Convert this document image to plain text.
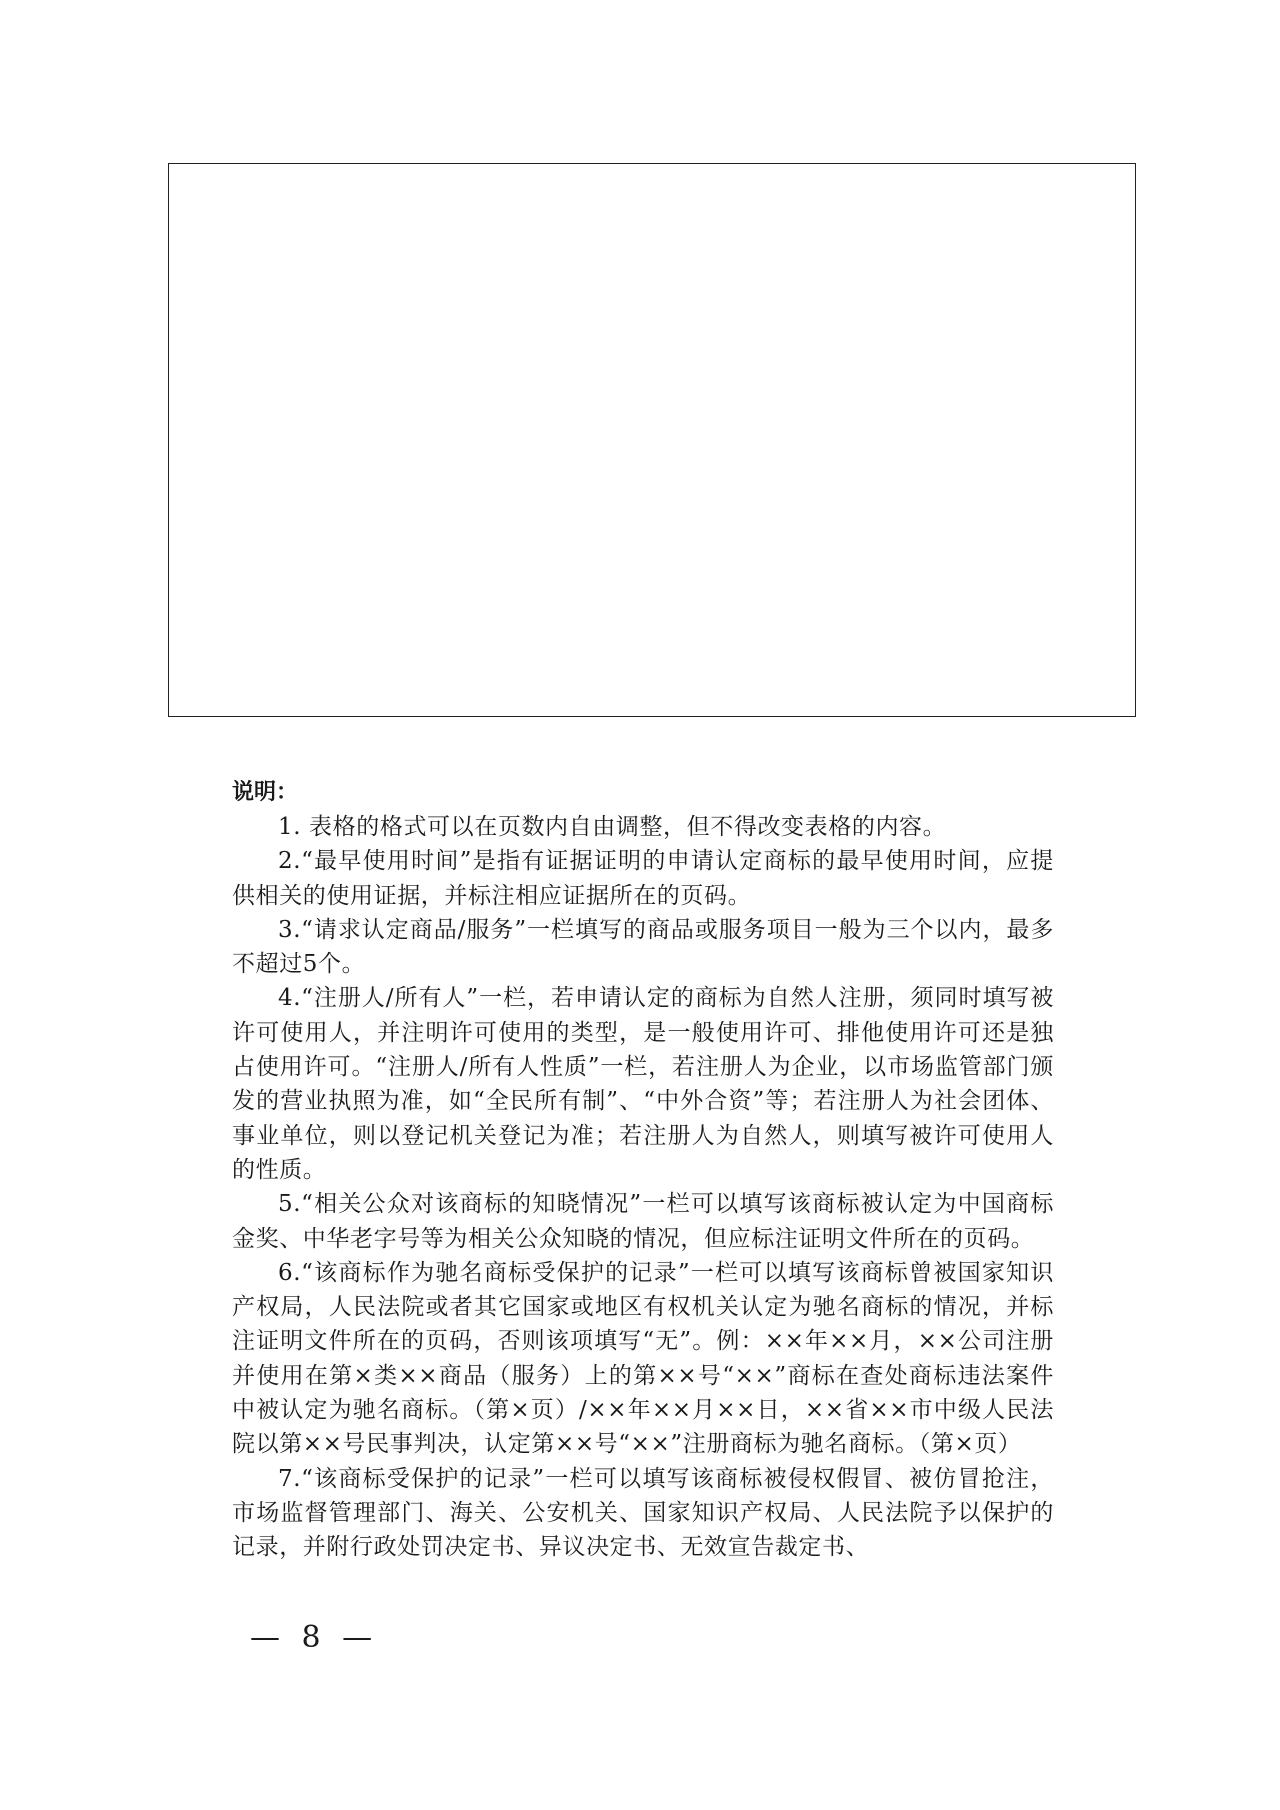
说明：

1. 表格的格式可以在页数内自由调整，但不得改变表格的内容。

2.“最早使用时间”是指有证据证明的申请认定商标的最早使用时间，应提供相关的使用证据，并标注相应证据所在的页码。

3.“请求认定商品/服务”一栏填写的商品或服务项目一般为三个以内，最多不超过5个。

4.“注册人/所有人”一栏，若申请认定的商标为自然人注册，须同时填写被许可使用人，并注明许可使用的类型，是一般使用许可、排他使用许可还是独占使用许可。“注册人/所有人性质”一栏，若注册人为企业，以市场监管部门颁发的营业执照为准，如“全民所有制”、“中外合资”等；若注册人为社会团体、事业单位，则以登记机关登记为准；若注册人为自然人，则填写被许可使用人的性质。

5.“相关公众对该商标的知晓情况”一栏可以填写该商标被认定为中国商标金奖、中华老字号等为相关公众知晓的情况，但应标注证明文件所在的页码。

6.“该商标作为驰名商标受保护的记录”一栏可以填写该商标曾被国家知识产权局，人民法院或者其它国家或地区有权机关认定为驰名商标的情况，并标注证明文件所在的页码，否则该项填写“无”。例：××年××月，××公司注册并使用在第×类××商品（服务）上的第××号“××”商标在查处商标违法案件中被认定为驰名商标。（第×页）/××年××月××日，××省××市中级人民法院以第××号民事判决，认定第××号“××”注册商标为驰名商标。（第×页）

7.“该商标受保护的记录”一栏可以填写该商标被侵权假冒、被仿冒抢注，市场监督管理部门、海关、公安机关、国家知识产权局、人民法院予以保护的记录，并附行政处罚决定书、异议决定书、无效宣告裁定书、

— 8 —
